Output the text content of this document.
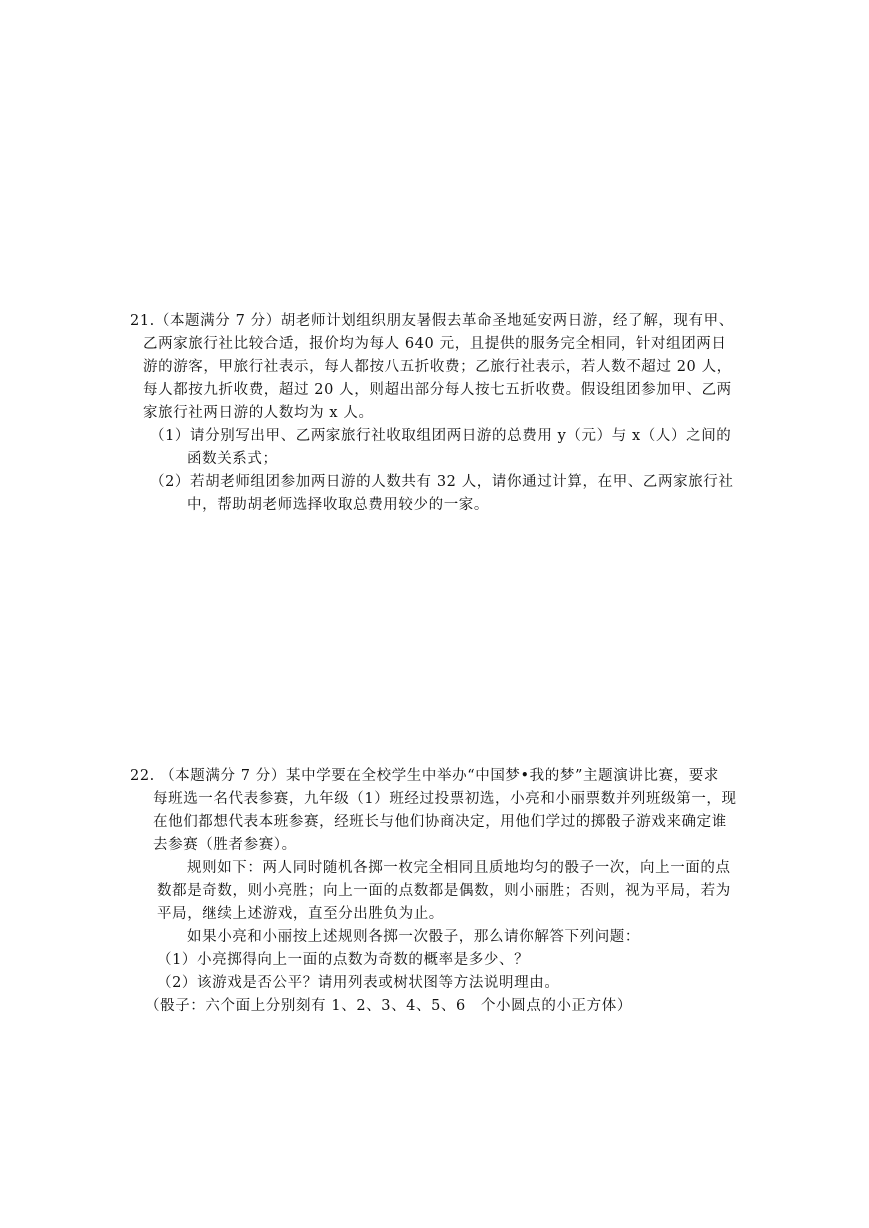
21.（本题满分 7 分）胡老师计划组织朋友暑假去革命圣地延安两日游，经了解，现有甲、
乙两家旅行社比较合适，报价均为每人 640 元，且提供的服务完全相同，针对组团两日
游的游客，甲旅行社表示，每人都按八五折收费；乙旅行社表示，若人数不超过 20 人，
每人都按九折收费，超过 20 人，则超出部分每人按七五折收费。假设组团参加甲、乙两
家旅行社两日游的人数均为 x 人。
（1）请分别写出甲、乙两家旅行社收取组团两日游的总费用 y（元）与 x（人）之间的
函数关系式；
（2）若胡老师组团参加两日游的人数共有 32 人，请你通过计算，在甲、乙两家旅行社
中，帮助胡老师选择收取总费用较少的一家。
22. （本题满分 7 分）某中学要在全校学生中举办“中国梦•我的梦”主题演讲比赛，要求
每班选一名代表参赛，九年级（1）班经过投票初选，小亮和小丽票数并列班级第一，现
在他们都想代表本班参赛，经班长与他们协商决定，用他们学过的掷骰子游戏来确定谁
去参赛（胜者参赛）。
规则如下：两人同时随机各掷一枚完全相同且质地均匀的骰子一次，向上一面的点
数都是奇数，则小亮胜；向上一面的点数都是偶数，则小丽胜；否则，视为平局，若为
平局，继续上述游戏，直至分出胜负为止。
如果小亮和小丽按上述规则各掷一次骰子，那么请你解答下列问题：
（1）小亮掷得向上一面的点数为奇数的概率是多少、？
（2）该游戏是否公平？请用列表或树状图等方法说明理由。
（骰子：六个面上分别刻有 1、2、3、4、5、6　个小圆点的小正方体）
